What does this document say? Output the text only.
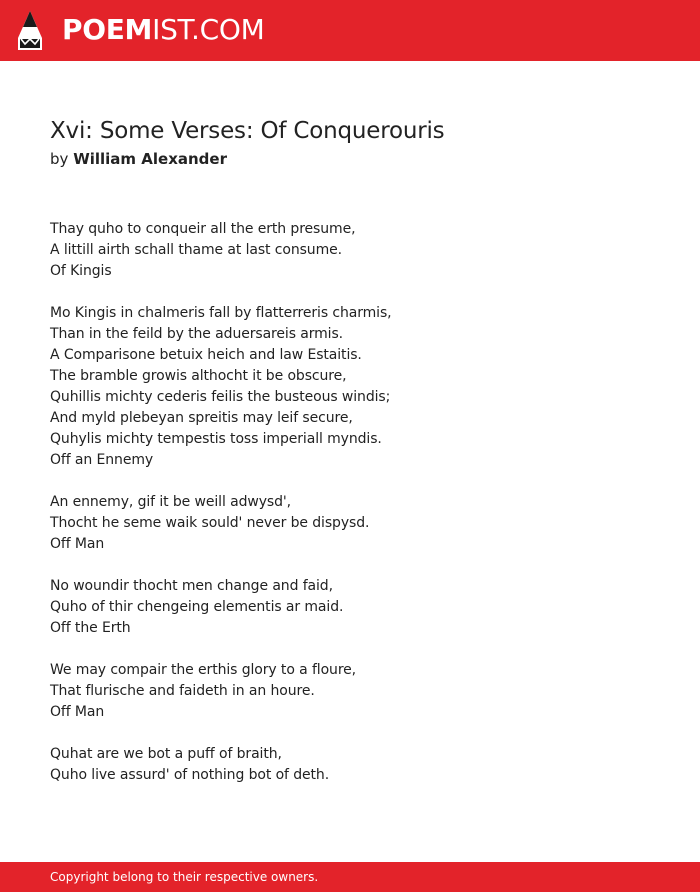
POEMIST.COM
Xvi: Some Verses: Of Conquerouris
by William Alexander
Thay quho to conqueir all the erth presume,
A littill airth schall thame at last consume.
Of Kingis
Mo Kingis in chalmeris fall by flatterreris charmis,
Than in the feild by the aduersareis armis.
A Comparisone betuix heich and law Estaitis.
The bramble growis althocht it be obscure,
Quhillis michty cederis feilis the busteous windis;
And myld plebeyan spreitis may leif secure,
Quhylis michty tempestis toss imperiall myndis.
Off an Ennemy
An ennemy, gif it be weill adwysd',
Thocht he seme waik sould' never be dispysd.
Off Man
No woundir thocht men change and faid,
Quho of thir chengeing elementis ar maid.
Off the Erth
We may compair the erthis glory to a floure,
That flurische and faideth in an houre.
Off Man
Quhat are we bot a puff of braith,
Quho live assurd' of nothing bot of deth.
Copyright belong to their respective owners.
